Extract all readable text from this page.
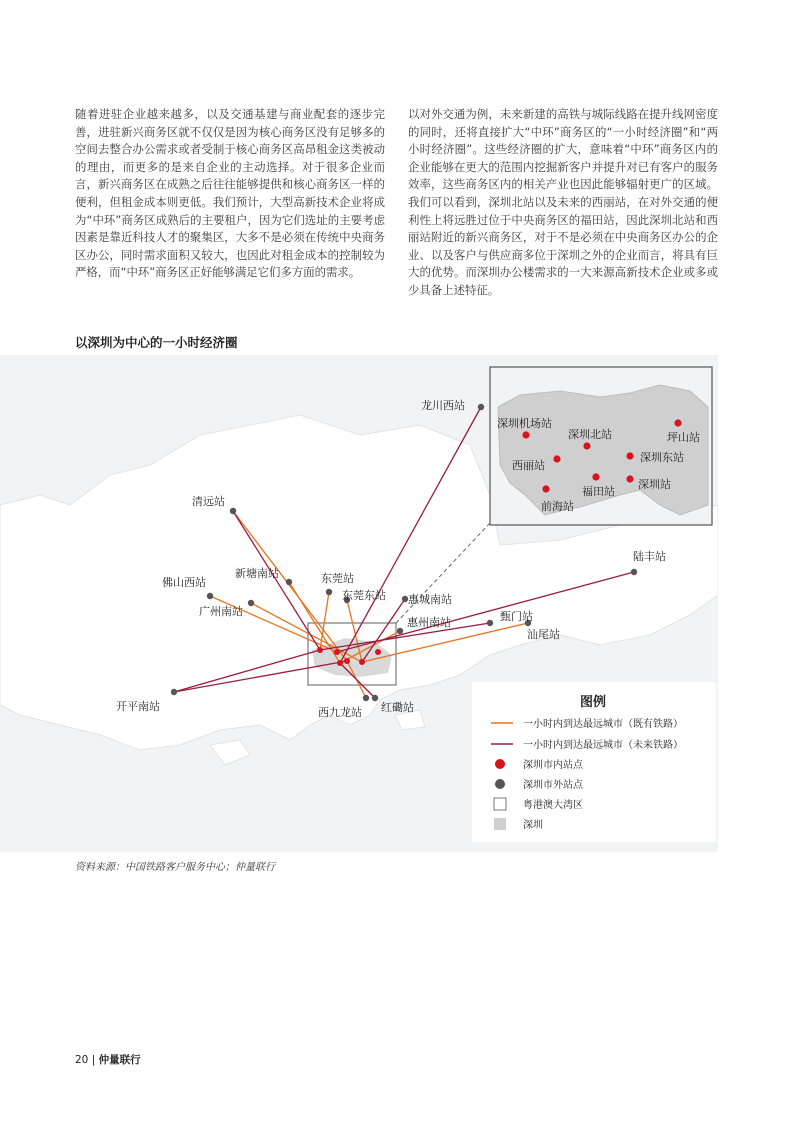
随着进驻企业越来越多，以及交通基建与商业配套的逐步完善，进驻新兴商务区就不仅仅是因为核心商务区没有足够多的空间去整合办公需求或者受制于核心商务区高昂租金这类被动的理由，而更多的是来自企业的主动选择。对于很多企业而言，新兴商务区在成熟之后往往能够提供和核心商务区一样的便利，但租金成本则更低。我们预计，大型高新技术企业将成为“中环”商务区成熟后的主要租户，因为它们选址的主要考虑因素是靠近科技人才的聚集区，大多不是必须在传统中央商务区办公，同时需求面积又较大，也因此对租金成本的控制较为严格，而“中环”商务区正好能够满足它们多方面的需求。
以对外交通为例，未来新建的高铁与城际线路在提升线网密度的同时，还将直接扩大“中环”商务区的“一小时经济圈”和“两小时经济圈”。这些经济圈的扩大，意味着“中环”商务区内的企业能够在更大的范围内挖掘新客户并提升对已有客户的服务效率，这些商务区内的相关产业也因此能够辐射更广的区域。我们可以看到，深圳北站以及未来的西丽站，在对外交通的便利性上将远胜过位于中央商务区的福田站，因此深圳北站和西丽站附近的新兴商务区，对于不是必须在中央商务区办公的企业、以及客户与供应商多位于深圳之外的企业而言，将具有巨大的优势。而深圳办公楼需求的一大来源高新技术企业或多或少具备上述特征。
以深圳为中心的一小时经济圈
龙川西站
清远站
新塘南站
佛山西站
广州南站
东莞站
东莞东站 惠城南站
惠州南站
陆丰站
甄门站
汕尾站
开平南站	西九龙站 红磡站
深圳机场站
深圳北站	坪山站
西丽站
深圳东站
福田站
深圳站
前海站
图例
一小时内到达最远城市（既有铁路）
一小时内到达最远城市（未来铁路）
深圳市内站点
深圳市外站点
粤港澳大湾区
深圳
资料来源：中国铁路客户服务中心；仲量联行
20 | 仲量联行
